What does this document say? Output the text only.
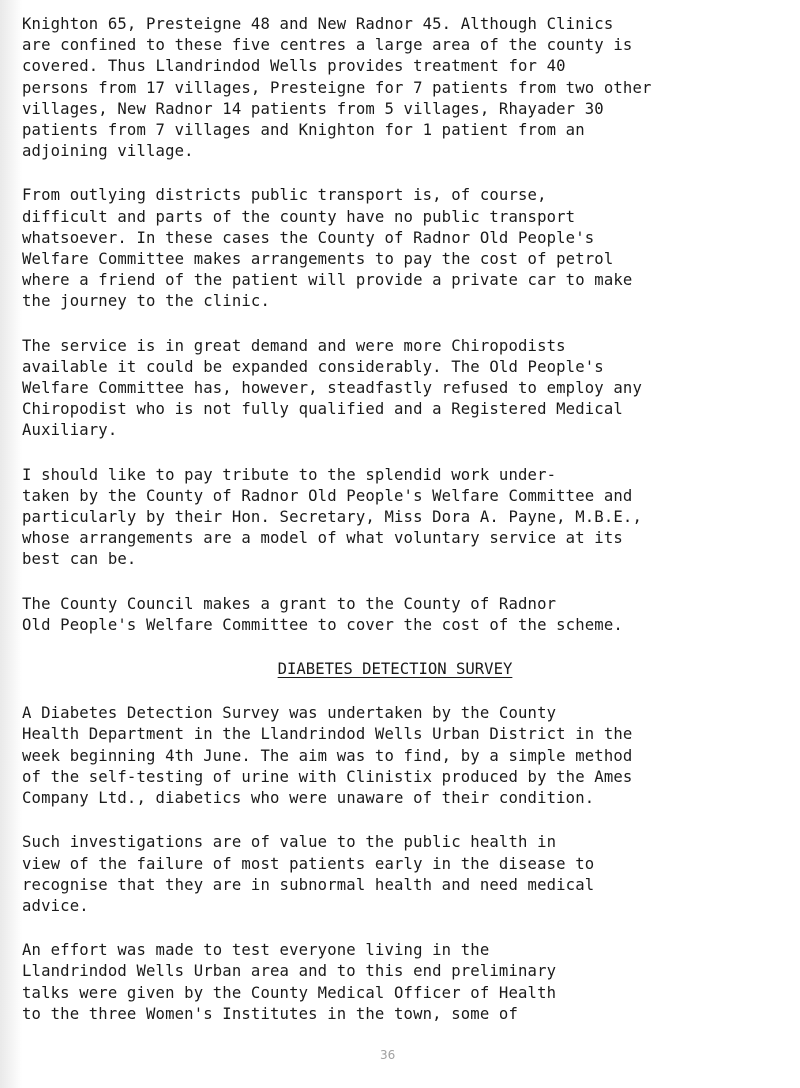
Knighton 65, Presteigne 48 and New Radnor 45. Although Clinics
are confined to these five centres a large area of the county is
covered. Thus Llandrindod Wells provides treatment for 40
persons from 17 villages, Presteigne for 7 patients from two other
villages, New Radnor 14 patients from 5 villages, Rhayader 30
patients from 7 villages and Knighton for 1 patient from an
adjoining village.
From outlying districts public transport is, of course,
difficult and parts of the county have no public transport
whatsoever. In these cases the County of Radnor Old People's
Welfare Committee makes arrangements to pay the cost of petrol
where a friend of the patient will provide a private car to make
the journey to the clinic.
The service is in great demand and were more Chiropodists
available it could be expanded considerably. The Old People's
Welfare Committee has, however, steadfastly refused to employ any
Chiropodist who is not fully qualified and a Registered Medical
Auxiliary.
I should like to pay tribute to the splendid work under-
taken by the County of Radnor Old People's Welfare Committee and
particularly by their Hon. Secretary, Miss Dora A. Payne, M.B.E.,
whose arrangements are a model of what voluntary service at its
best can be.
The County Council makes a grant to the County of Radnor
Old People's Welfare Committee to cover the cost of the scheme.
DIABETES DETECTION SURVEY
A Diabetes Detection Survey was undertaken by the County
Health Department in the Llandrindod Wells Urban District in the
week beginning 4th June. The aim was to find, by a simple method
of the self-testing of urine with Clinistix produced by the Ames
Company Ltd., diabetics who were unaware of their condition.
Such investigations are of value to the public health in
view of the failure of most patients early in the disease to
recognise that they are in subnormal health and need medical
advice.
An effort was made to test everyone living in the
Llandrindod Wells Urban area and to this end preliminary
talks were given by the County Medical Officer of Health
to the three Women's Institutes in the town, some of
36
